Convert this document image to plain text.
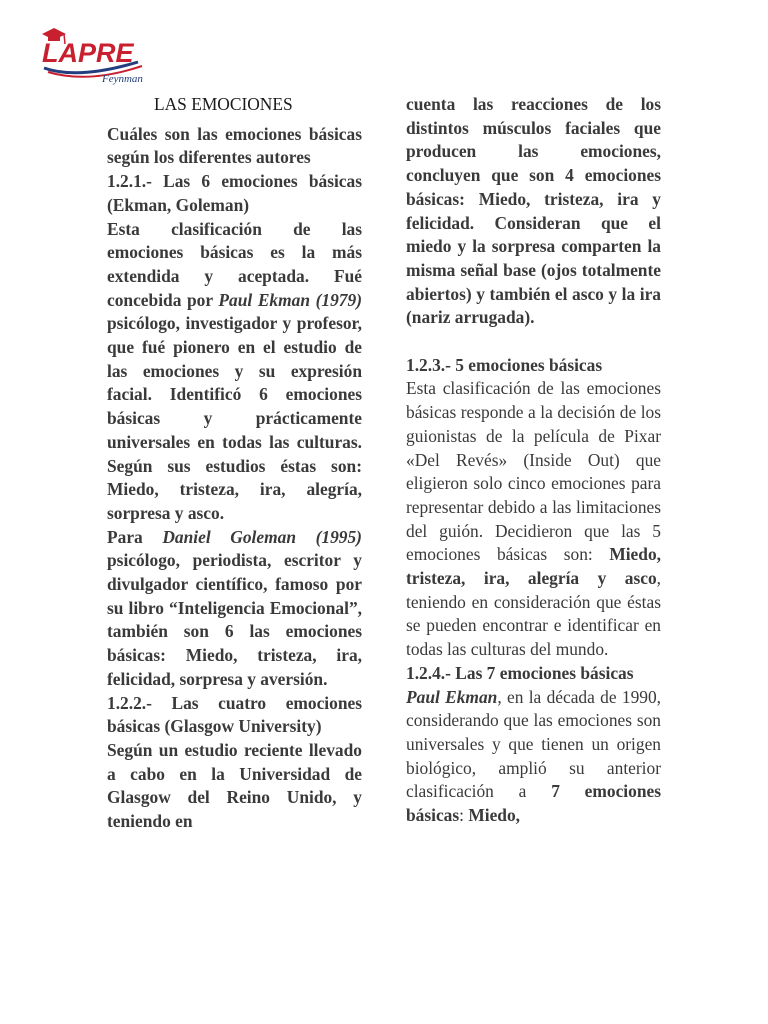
LAPRE
Feynman

LAS EMOCIONES

Cuáles son las emociones básicas según los diferentes autores

1.2.1.- Las 6 emociones básicas (Ekman, Goleman)

Esta clasificación de las emociones básicas es la más extendida y aceptada. Fué concebida por Paul Ekman (1979) psicólogo, investigador y profesor, que fué pionero en el estudio de las emociones y su expresión facial. Identificó 6 emociones básicas y prácticamente universales en todas las culturas. Según sus estudios éstas son: Miedo, tristeza, ira, alegría, sorpresa y asco.

Para Daniel Goleman (1995) psicólogo, periodista, escritor y divulgador científico, famoso por su libro “Inteligencia Emocional”, también son 6 las emociones básicas: Miedo, tristeza, ira, felicidad, sorpresa y aversión.

1.2.2.- Las cuatro emociones básicas (Glasgow University)

Según un estudio reciente llevado a cabo en la Universidad de Glasgow del Reino Unido, y teniendo en

cuenta las reacciones de los distintos músculos faciales que producen las emociones, concluyen que son 4 emociones básicas: Miedo, tristeza, ira y felicidad. Consideran que el miedo y la sorpresa comparten la misma señal base (ojos totalmente abiertos) y también el asco y la ira (nariz arrugada).

1.2.3.- 5 emociones básicas

Esta clasificación de las emociones básicas responde a la decisión de los guionistas de la película de Pixar «Del Revés» (Inside Out) que eligieron solo cinco emociones para representar debido a las limitaciones del guión. Decidieron que las 5 emociones básicas son: Miedo, tristeza, ira, alegría y asco, teniendo en consideración que éstas se pueden encontrar e identificar en todas las culturas del mundo.

1.2.4.- Las 7 emociones básicas

Paul Ekman, en la década de 1990, considerando que las emociones son universales y que tienen un origen biológico, amplió su anterior clasificación a 7 emociones básicas: Miedo,
